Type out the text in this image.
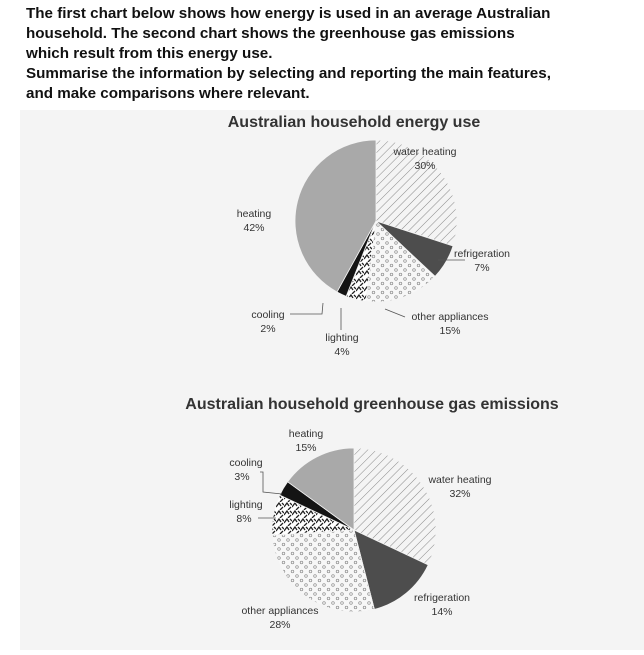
The first chart below shows how energy is used in an average Australian

household. The second chart shows the greenhouse gas emissions

which result from this energy use.

Summarise the information by selecting and reporting the main features,

and make comparisons where relevant.

Australian household energy use
Australian household greenhouse gas emissions
water heating
30%
refrigeration
7%
other appliances
15%
lighting
4%
cooling
2%
heating
42%
heating
15%
cooling
3%
lighting
8%
water heating
32%
refrigeration
14%
other appliances
28%
